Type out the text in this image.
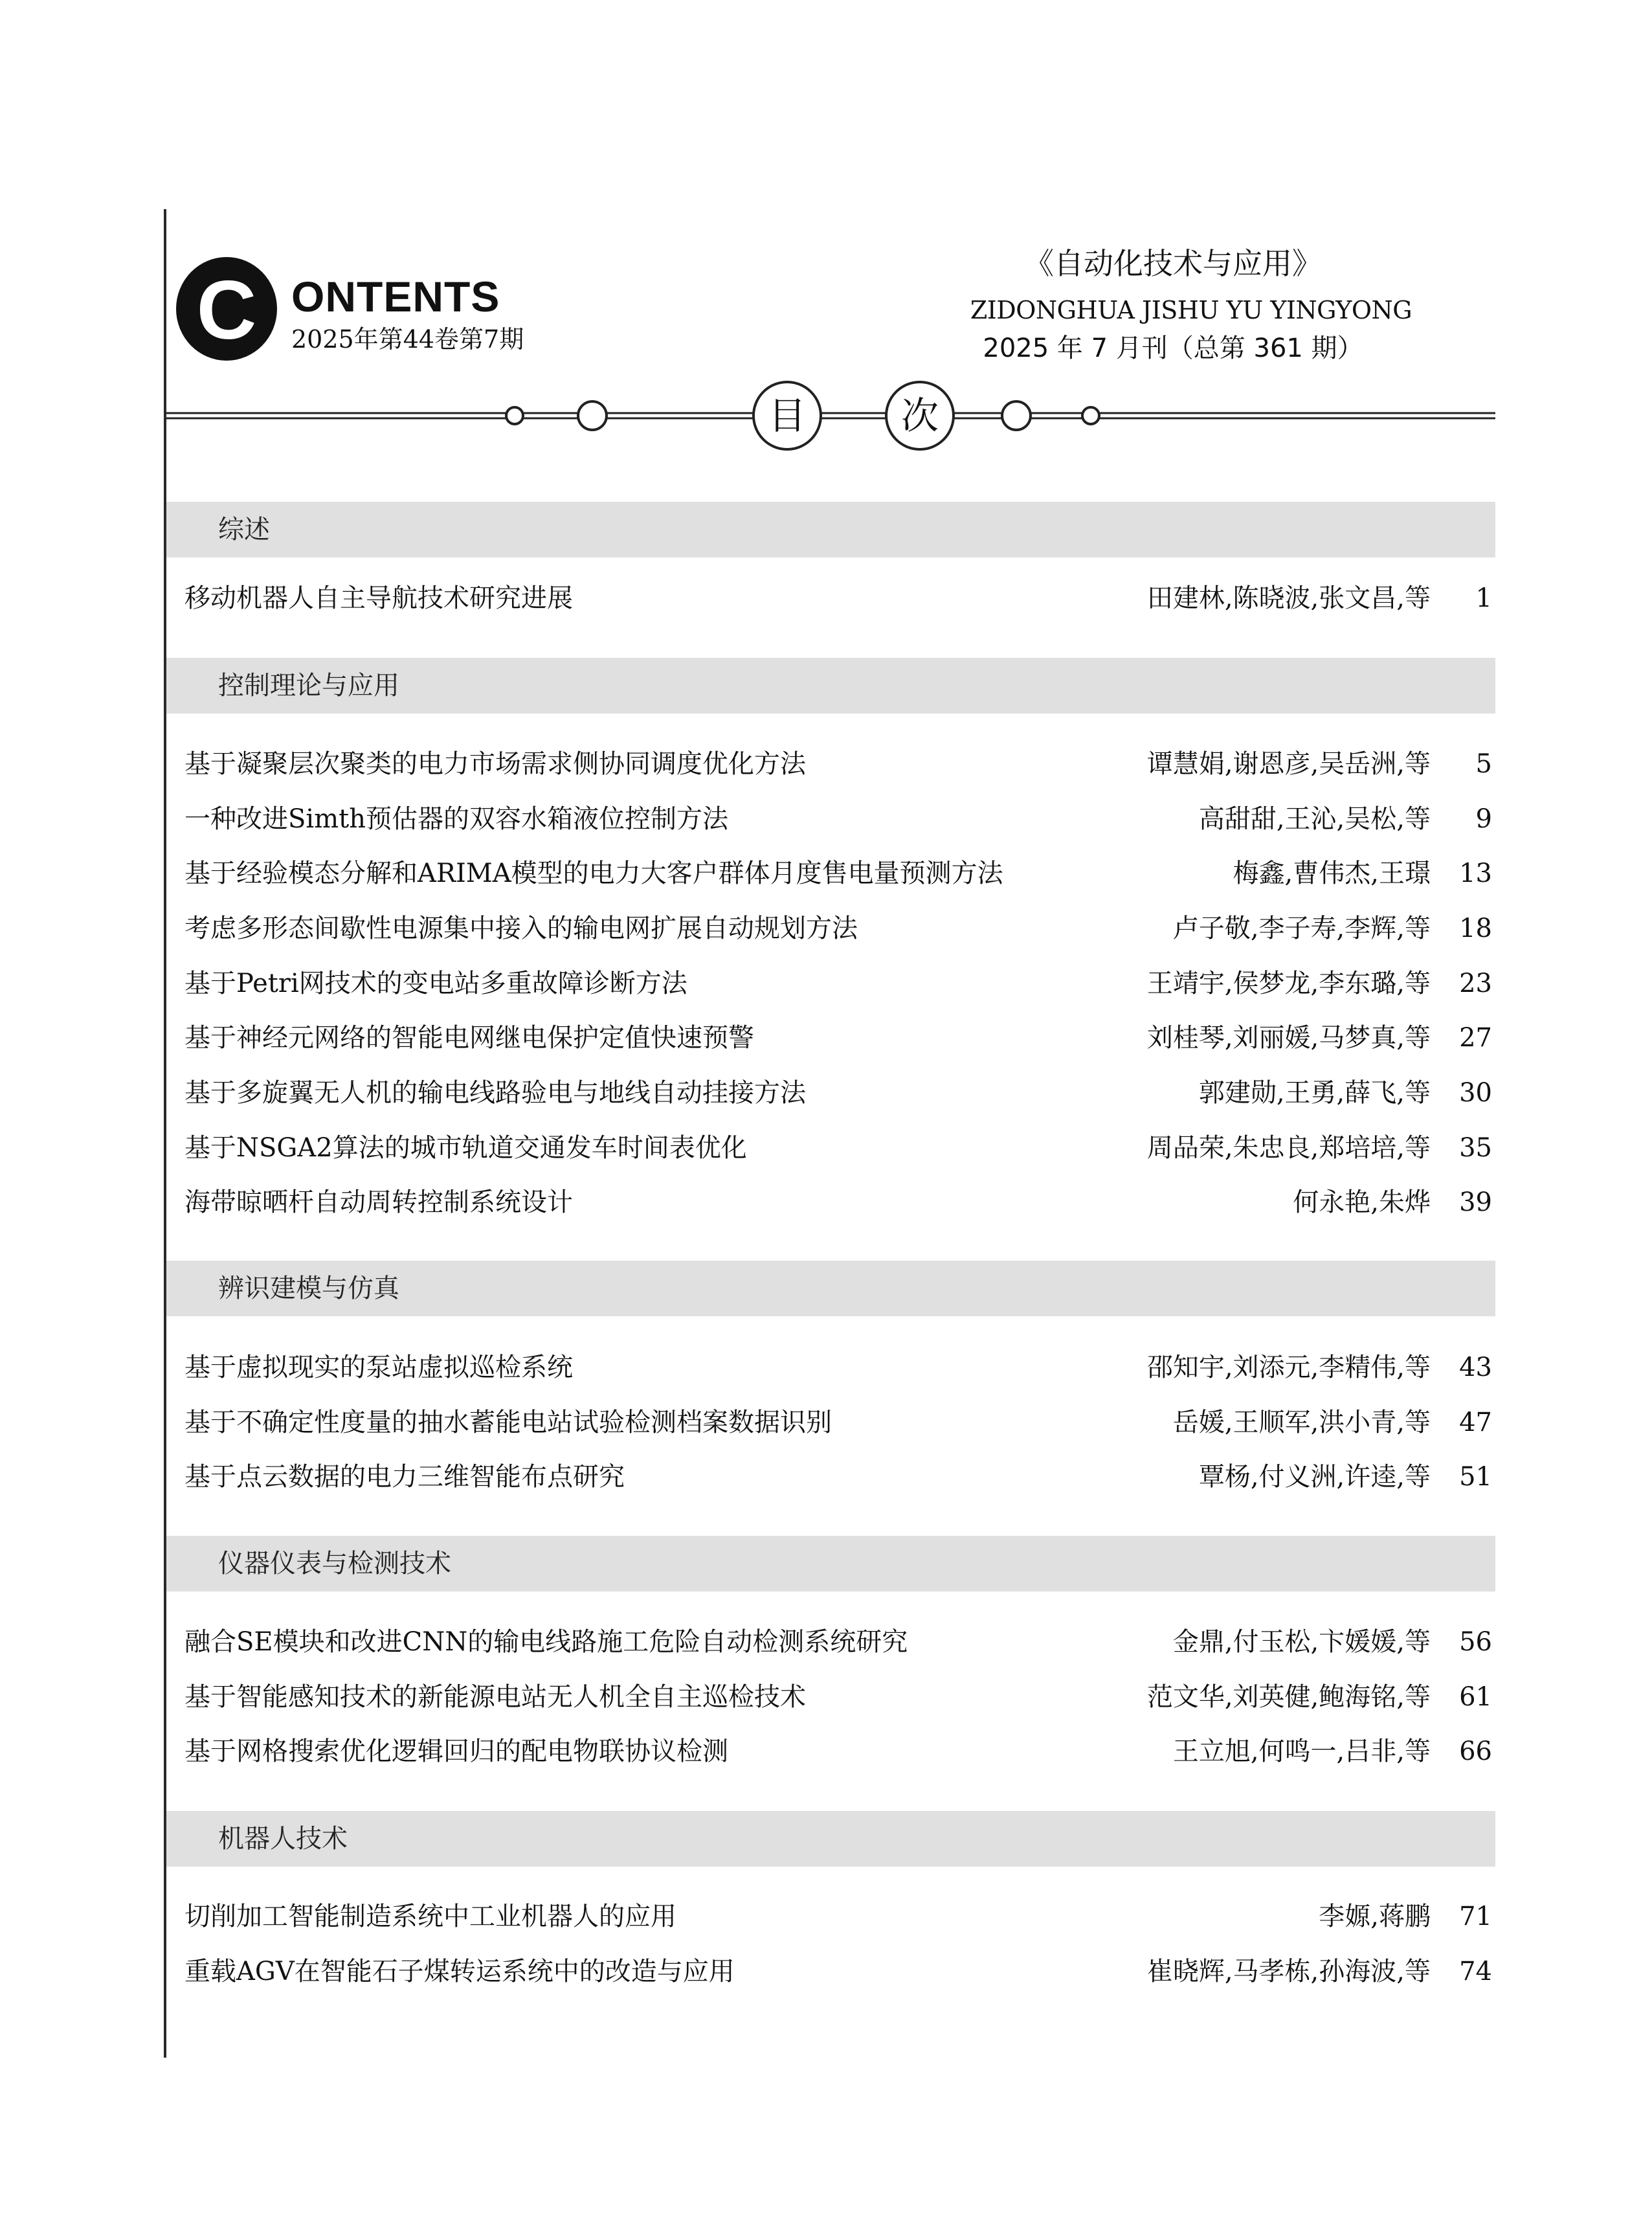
C ONTENTS
2025年第44卷第7期
《自动化技术与应用》
ZIDONGHUA JISHU YU YINGYONG
2025 年 7 月刊（总第 361 期）
目	次
综述
移动机器人自主导航技术研究进展	田建林,陈晓波,张文昌,等	1
控制理论与应用
基于凝聚层次聚类的电力市场需求侧协同调度优化方法	谭慧娟,谢恩彦,吴岳洲,等	5
一种改进Simth预估器的双容水箱液位控制方法	高甜甜,王沁,吴松,等	9
基于经验模态分解和ARIMA模型的电力大客户群体月度售电量预测方法	梅鑫,曹伟杰,王璟	13
考虑多形态间歇性电源集中接入的输电网扩展自动规划方法	卢子敬,李子寿,李辉,等	18
基于Petri网技术的变电站多重故障诊断方法	王靖宇,侯梦龙,李东璐,等	23
基于神经元网络的智能电网继电保护定值快速预警	刘桂琴,刘丽媛,马梦真,等	27
基于多旋翼无人机的输电线路验电与地线自动挂接方法	郭建勋,王勇,薛飞,等	30
基于NSGA2算法的城市轨道交通发车时间表优化	周品荣,朱忠良,郑培培,等	35
海带晾晒杆自动周转控制系统设计	何永艳,朱烨	39
辨识建模与仿真
基于虚拟现实的泵站虚拟巡检系统	邵知宇,刘添元,李精伟,等	43
基于不确定性度量的抽水蓄能电站试验检测档案数据识别	岳媛,王顺军,洪小青,等	47
基于点云数据的电力三维智能布点研究	覃杨,付义洲,许逵,等	51
仪器仪表与检测技术
融合SE模块和改进CNN的输电线路施工危险自动检测系统研究	金鼎,付玉松,卞媛媛,等	56
基于智能感知技术的新能源电站无人机全自主巡检技术	范文华,刘英健,鲍海铭,等	61
基于网格搜索优化逻辑回归的配电物联协议检测	王立旭,何鸣一,吕非,等	66
机器人技术
切削加工智能制造系统中工业机器人的应用	李嫄,蒋鹏	71
重载AGV在智能石子煤转运系统中的改造与应用	崔晓辉,马孝栋,孙海波,等	74
